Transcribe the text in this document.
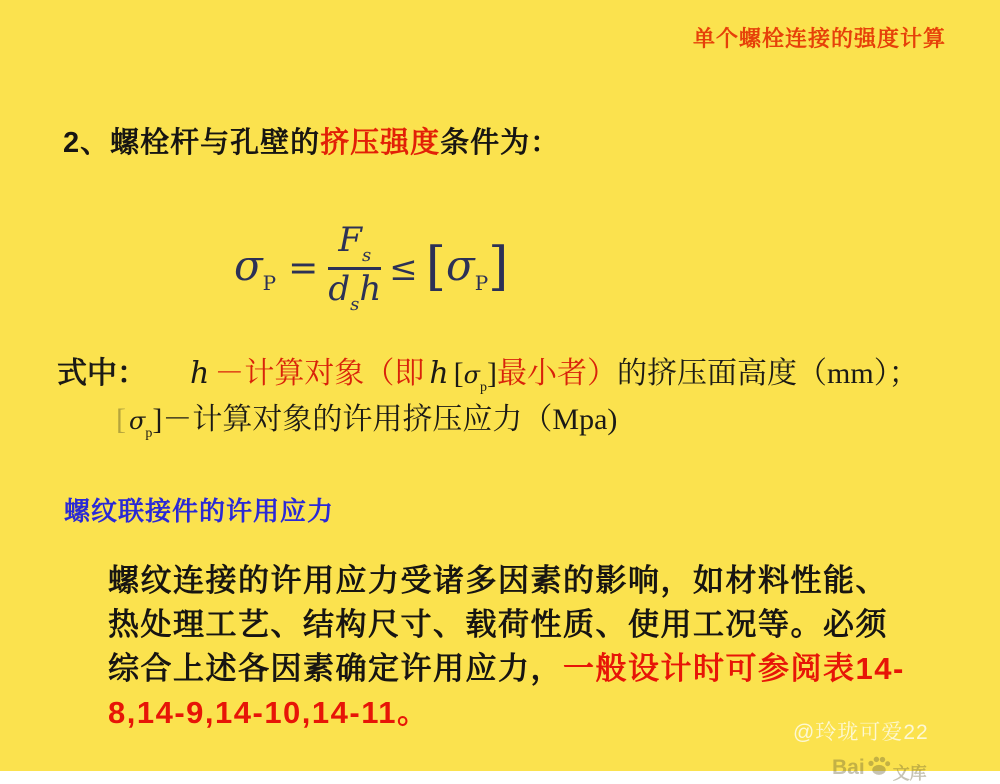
单个螺栓连接的强度计算
2、螺栓杆与孔壁的挤压强度条件为：
$\sigma_P = \frac{F_s}{d_sh}$ ≤ [ $\sigma_P$ ]
式中： h －计算对象（即 h $[\sigma_p]$最小者）的挤压面高度（mm）；
[ $\sigma_p]-$计算对象的许用挤压应力（Mpa)
螺纹联接件的许用应力
螺纹连接的许用应力受诸多因素的影响，如材料性能、
热处理工艺、结构尺寸、载荷性质、使用工况等。必须
综合上述各因素确定许用应力，一般设计时可参阅表14-
8,14-9,14-10,14-11。
@玲珑可爱22
Bai 文库
